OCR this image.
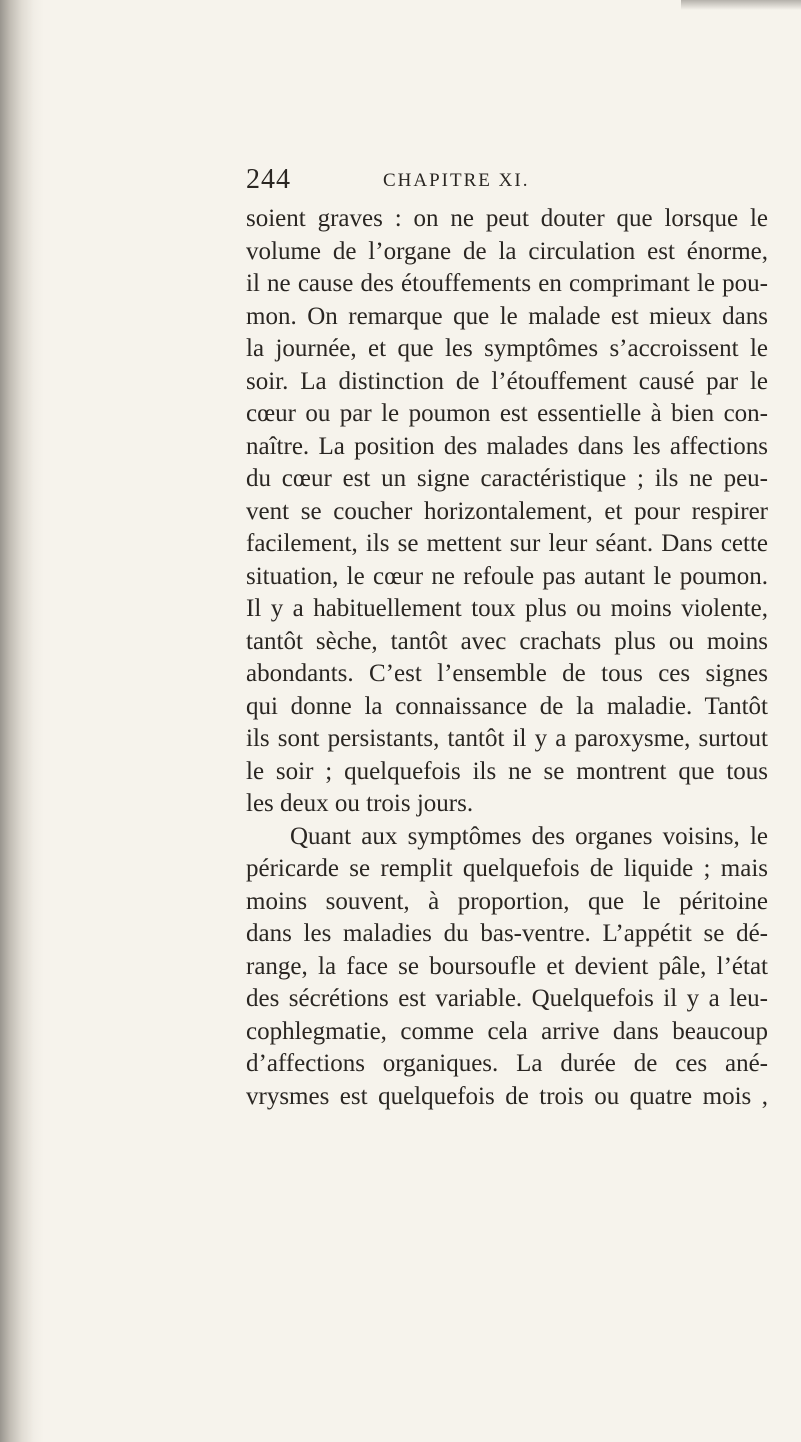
244	CHAPITRE XI.
soient graves : on ne peut douter que lorsque le
volume de l’organe de la circulation est énorme,
il ne cause des étouffements en comprimant le pou-
mon. On remarque que le malade est mieux dans
la journée, et que les symptômes s’accroissent le
soir. La distinction de l’étouffement causé par le
cœur ou par le poumon est essentielle à bien con-
naître. La position des malades dans les affections
du cœur est un signe caractéristique ; ils ne peu-
vent se coucher horizontalement, et pour respirer
facilement, ils se mettent sur leur séant. Dans cette
situation, le cœur ne refoule pas autant le poumon.
Il y a habituellement toux plus ou moins violente,
tantôt sèche, tantôt avec crachats plus ou moins
abondants. C’est l’ensemble de tous ces signes
qui donne la connaissance de la maladie. Tantôt
ils sont persistants, tantôt il y a paroxysme, surtout
le soir ; quelquefois ils ne se montrent que tous
les deux ou trois jours.
Quant aux symptômes des organes voisins, le
péricarde se remplit quelquefois de liquide ; mais
moins souvent, à proportion, que le péritoine
dans les maladies du bas-ventre. L’appétit se dé-
range, la face se boursoufle et devient pâle, l’état
des sécrétions est variable. Quelquefois il y a leu-
cophlegmatie, comme cela arrive dans beaucoup
d’affections organiques. La durée de ces ané-
vrysmes est quelquefois de trois ou quatre mois ,
